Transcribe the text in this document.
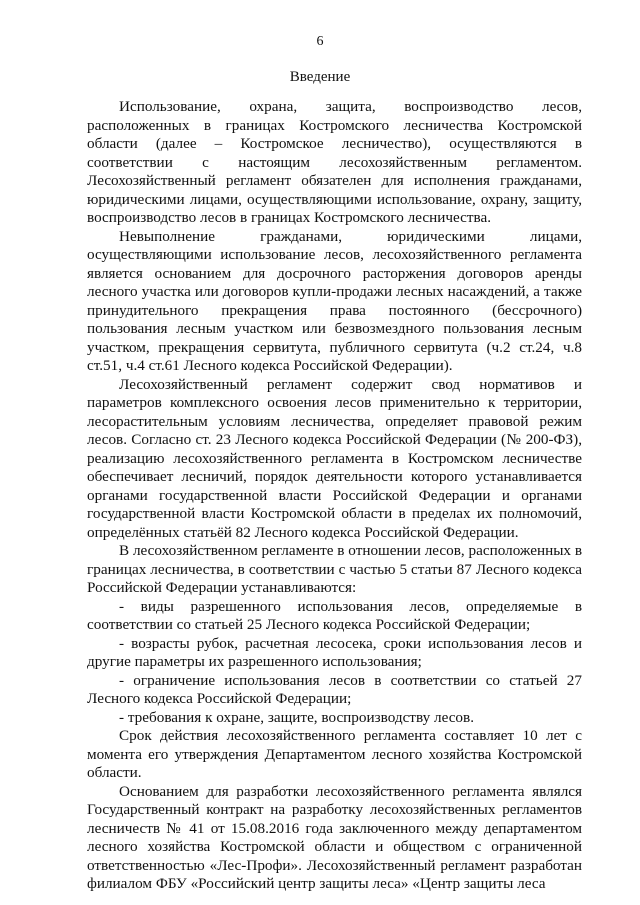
6
Введение

Использование, охрана, защита, воспроизводство лесов, расположенных в границах Костромского лесничества Костромской области (далее – Костромское лесничество), осуществляются в соответствии с настоящим лесохозяйственным регламентом. Лесохозяйственный регламент обязателен для исполнения гражданами, юридическими лицами, осуществляющими использование, охрану, защиту, воспроизводство лесов в границах Костромского лесничества.

Невыполнение гражданами, юридическими лицами, осуществляющими использование лесов, лесохозяйственного регламента является основанием для досрочного расторжения договоров аренды лесного участка или договоров купли-продажи лесных насаждений, а также принудительного прекращения права постоянного (бессрочного) пользования лесным участком или безвозмездного пользования лесным участком, прекращения сервитута, публичного сервитута (ч.2 ст.24, ч.8 ст.51, ч.4 ст.61 Лесного кодекса Российской Федерации).

Лесохозяйственный регламент содержит свод нормативов и параметров комплексного освоения лесов применительно к территории, лесорастительным условиям лесничества, определяет правовой режим лесов. Согласно ст. 23 Лесного кодекса Российской Федерации (№ 200-ФЗ), реализацию лесохозяйственного регламента в Костромском лесничестве обеспечивает лесничий, порядок деятельности которого устанавливается органами государственной власти Российской Федерации и органами государственной власти Костромской области в пределах их полномочий, определённых статьёй 82 Лесного кодекса Российской Федерации.

В лесохозяйственном регламенте в отношении лесов, расположенных в границах лесничества, в соответствии с частью 5 статьи 87 Лесного кодекса Российской Федерации устанавливаются:

- виды разрешенного использования лесов, определяемые в соответствии со статьей 25 Лесного кодекса Российской Федерации;

- возрасты рубок, расчетная лесосека, сроки использования лесов и другие параметры их разрешенного использования;

- ограничение использования лесов в соответствии со статьей 27 Лесного кодекса Российской Федерации;

- требования к охране, защите, воспроизводству лесов.

Срок действия лесохозяйственного регламента составляет 10 лет с момента его утверждения Департаментом лесного хозяйства Костромской области.

Основанием для разработки лесохозяйственного регламента являлся Государственный контракт на разработку лесохозяйственных регламентов лесничеств № 41 от 15.08.2016 года заключенного между департаментом лесного хозяйства Костромской области и обществом с ограниченной ответственностью «Лес-Профи». Лесохозяйственный регламент разработан филиалом ФБУ «Российский центр защиты леса» «Центр защиты леса
